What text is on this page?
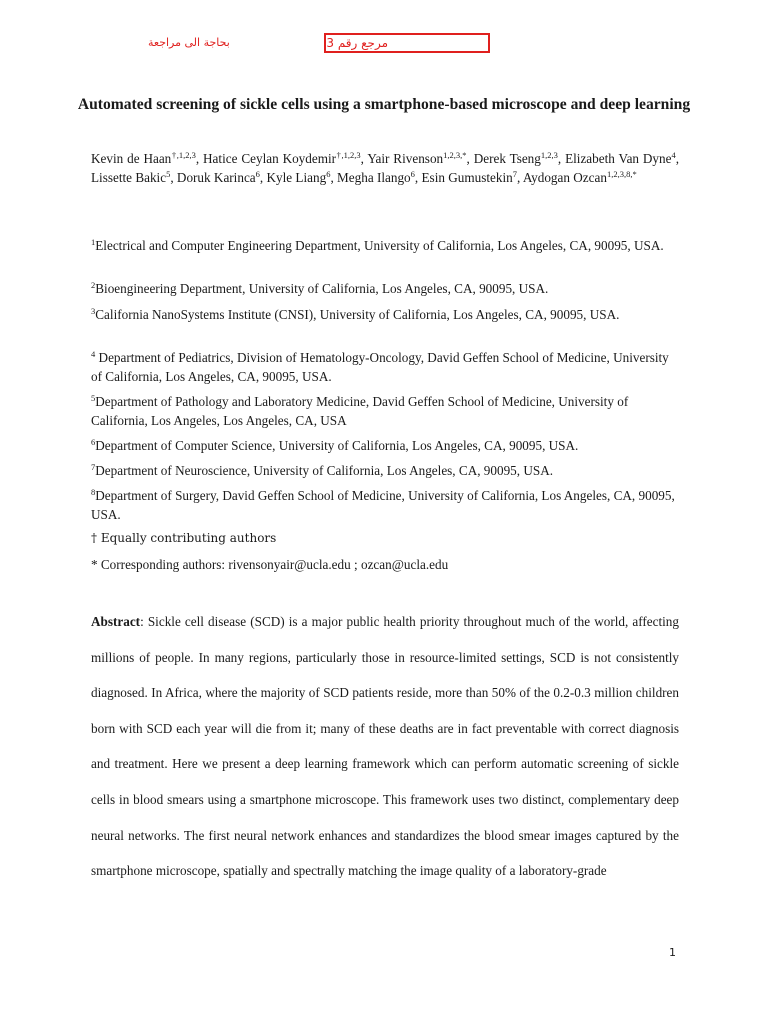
بحاجة الى مراجعة	مرجع رقم 3
Automated screening of sickle cells using a smartphone-based microscope and deep learning
Kevin de Haan$^{\dagger,1,2,3}$, Hatice Ceylan Koydemir$^{\dagger,1,2,3}$, Yair Rivenson$^{1,2,3,*}$, Derek Tseng$^{1,2,3}$, Elizabeth Van Dyne$^4$, Lissette Bakic$^5$, Doruk Karinca$^6$, Kyle Liang$^6$, Megha Ilango$^6$, Esin Gumustekin$^7$, Aydogan Ozcan$^{1,2,3,8,*}$
$^1$Electrical and Computer Engineering Department, University of California, Los Angeles, CA, 90095, USA.
$^2$Bioengineering Department, University of California, Los Angeles, CA, 90095, USA.
$^3$California NanoSystems Institute (CNSI), University of California, Los Angeles, CA, 90095, USA.
$^4$ Department of Pediatrics, Division of Hematology-Oncology, David Geffen School of Medicine, University of California, Los Angeles, CA, 90095, USA.
$^5$Department of Pathology and Laboratory Medicine, David Geffen School of Medicine, University of California, Los Angeles, Los Angeles, CA, USA
$^6$Department of Computer Science, University of California, Los Angeles, CA, 90095, USA.
$^7$Department of Neuroscience, University of California, Los Angeles, CA, 90095, USA.
$^8$Department of Surgery, David Geffen School of Medicine, University of California, Los Angeles, CA, 90095, USA.
† Equally contributing authors
* Corresponding authors: rivensonyair@ucla.edu ; ozcan@ucla.edu
Abstract: Sickle cell disease (SCD) is a major public health priority throughout much of the world, affecting millions of people. In many regions, particularly those in resource-limited settings, SCD is not consistently diagnosed. In Africa, where the majority of SCD patients reside, more than 50% of the 0.2-0.3 million children born with SCD each year will die from it; many of these deaths are in fact preventable with correct diagnosis and treatment. Here we present a deep learning framework which can perform automatic screening of sickle cells in blood smears using a smartphone microscope. This framework uses two distinct, complementary deep neural networks. The first neural network enhances and standardizes the blood smear images captured by the smartphone microscope, spatially and spectrally matching the image quality of a laboratory-grade
1
